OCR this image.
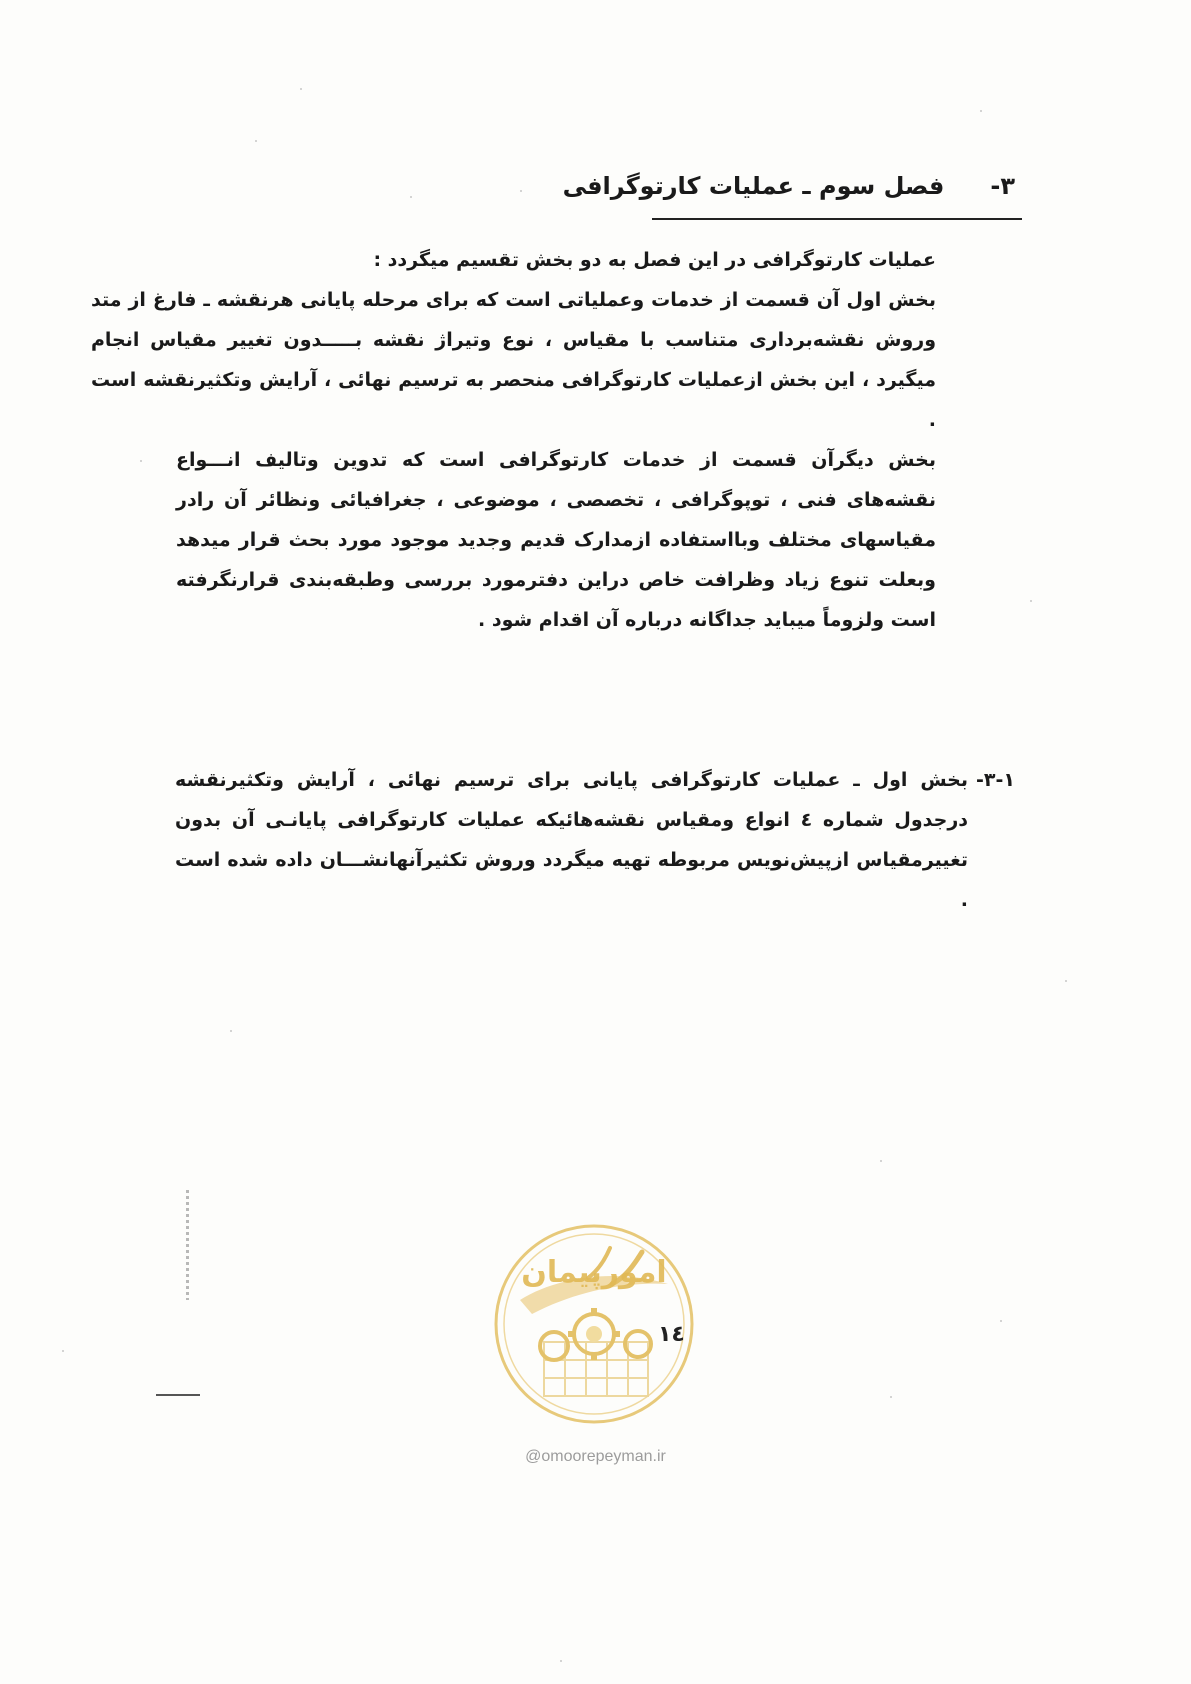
۳-
فصل سوم ـ عملیات کارتوگرافی

عملیات کارتوگرافی در این فصل به دو بخش تقسیم میگردد :

بخش اول آن قسمت از خدمات وعملیاتی است که برای مرحله پایانی هرنقشه ـ فارغ از متد وروش نقشه‌برداری متناسب با مقیاس ، نوع وتیراژ نقشه بـــــدون تغییر مقیاس انجام میگیرد ، این بخش ازعملیات کارتوگرافی منحصر به ترسیم نهائی ، آرایش وتکثیرنقشه است .

بخش دیگرآن قسمت از خدمات کارتوگرافی است که تدوین وتالیف انـــواع نقشه‌های فنی ، توپوگرافی ، تخصصی ، موضوعی ، جغرافیائی ونظائر آن رادر مقیاسهای مختلف وبااستفاده ازمدارک قدیم وجدید موجود مورد بحث قرار میدهد وبعلت تنوع زیاد وظرافت خاص دراین دفترمورد بررسی وطبقه‌بندی قرارنگرفته است ولزوماً میباید جداگانه درباره آن اقدام شود .

۳-۱-

بخش اول ـ عملیات کارتوگرافی پایانی برای ترسیم نهائی ، آرایش وتکثیرنقشه درجدول شماره ٤ انواع ومقیاس نقشه‌هائیکه عملیات کارتوگرافی پایانـی آن بدون تغییرمقیاس ازپیش‌نویس مربوطه تهیه میگردد وروش تکثیرآنهانشـــان داده شده است .

امورپیمان
١٤
@omoorepeyman.ir
